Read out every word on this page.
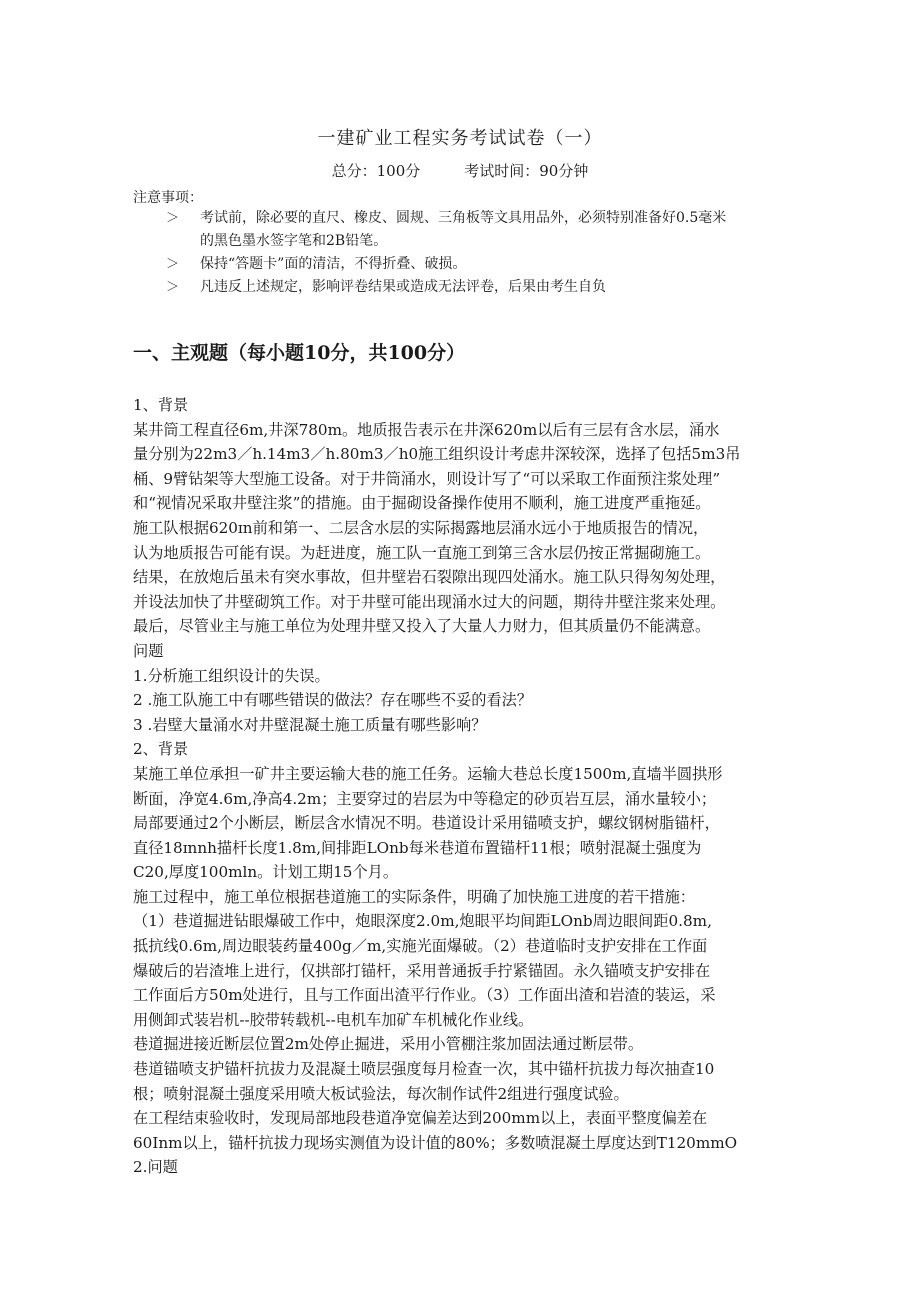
一建矿业工程实务考试试卷（一）
总分：100分	考试时间：90分钟
注意事项：
＞ 考试前，除必要的直尺、橡皮、圆规、三角板等文具用品外，必须特别准备好0.5毫米
的黑色墨水签字笔和2B铅笔。
＞ 保持“答题卡”面的清洁，不得折叠、破损。
＞ 凡违反上述规定，影响评卷结果或造成无法评卷，后果由考生自负
一、主观题（每小题10分，共100分）

1、背景

某井筒工程直径6m,井深780m。地质报告表示在井深620m以后有三层有含水层，涌水

量分别为22m3／h.14m3／h.80m3／h0施工组织设计考虑井深较深，选择了包括5m3吊

桶、9臂钻架等大型施工设备。对于井筒涌水，则设计写了“可以采取工作面预注浆处理”

和“视情况采取井壁注浆”的措施。由于掘砌设备操作使用不顺利，施工进度严重拖延。

施工队根据620ɪn前和第一、二层含水层的实际揭露地层涌水远小于地质报告的情况，

认为地质报告可能有误。为赶进度，施工队一直施工到第三含水层仍按正常掘砌施工。

结果，在放炮后虽未有突水事故，但井壁岩石裂隙出现四处涌水。施工队只得匆匆处理，

并设法加快了井壁砌筑工作。对于井壁可能出现涌水过大的问题，期待井壁注浆来处理。

最后，尽管业主与施工单位为处理井壁又投入了大量人力财力，但其质量仍不能满意。

问题

1.分析施工组织设计的失误。

2 .施工队施工中有哪些错误的做法？存在哪些不妥的看法？

3 .岩壁大量涌水对井壁混凝土施工质量有哪些影响？

2、背景

某施工单位承担一矿井主要运输大巷的施工任务。运输大巷总长度1500m,直墙半圆拱形

断面，净宽4.6m,净高4.2m；主要穿过的岩层为中等稳定的砂页岩互层，涌水量较小；

局部要通过2个小断层，断层含水情况不明。巷道设计采用锚喷支护，螺纹钢树脂锚杆，

直径18ɪnnh描杆长度1.8m,间排距LOnb每米巷道布置锚杆11根；喷射混凝土强度为

C20,厚度100mln。计划工期15个月。

施工过程中，施工单位根据巷道施工的实际条件，明确了加快施工进度的若干措施：

（1）巷道掘进钻眼爆破工作中，炮眼深度2.0m,炮眼平均间距LOnb周边眼间距0.8m,

抵抗线0.6m,周边眼装药量400g／m,实施光面爆破。（2）巷道临时支护安排在工作面

爆破后的岩渣堆上进行，仅拱部打锚杆，采用普通扳手拧紧锚固。永久锚喷支护安排在

工作面后方50m处进行，且与工作面出渣平行作业。（3）工作面出渣和岩渣的装运，采

用侧卸式装岩机--胶带转载机--电机车加矿车机械化作业线。

巷道掘进接近断层位置2m处停止掘进，采用小管棚注浆加固法通过断层带。

巷道锚喷支护锚杆抗拔力及混凝土喷层强度每月检查一次，其中锚杆抗拔力每次抽查10

根；喷射混凝土强度采用喷大板试验法，每次制作试件2组进行强度试验。

在工程结束验收时，发现局部地段巷道净宽偏差达到200mm以上，表面平整度偏差在

60Inm以上，锚杆抗拔力现场实测值为设计值的80%；多数喷混凝土厚度达到T120mmO

2.问题
